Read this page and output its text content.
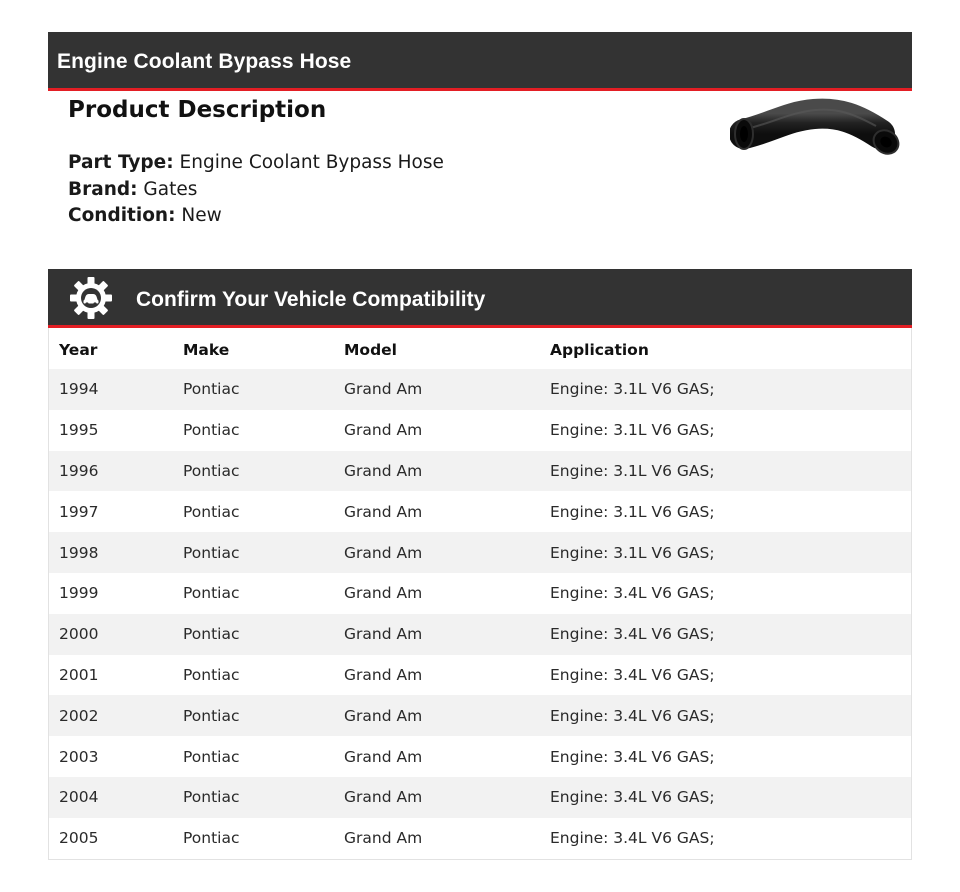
Engine Coolant Bypass Hose
Product Description
Part Type: Engine Coolant Bypass Hose
Brand: Gates
Condition: New
Confirm Your Vehicle Compatibility
Year	Make	Model	Application
1994	Pontiac	Grand Am	Engine: 3.1L V6 GAS;
1995	Pontiac	Grand Am	Engine: 3.1L V6 GAS;
1996	Pontiac	Grand Am	Engine: 3.1L V6 GAS;
1997	Pontiac	Grand Am	Engine: 3.1L V6 GAS;
1998	Pontiac	Grand Am	Engine: 3.1L V6 GAS;
1999	Pontiac	Grand Am	Engine: 3.4L V6 GAS;
2000	Pontiac	Grand Am	Engine: 3.4L V6 GAS;
2001	Pontiac	Grand Am	Engine: 3.4L V6 GAS;
2002	Pontiac	Grand Am	Engine: 3.4L V6 GAS;
2003	Pontiac	Grand Am	Engine: 3.4L V6 GAS;
2004	Pontiac	Grand Am	Engine: 3.4L V6 GAS;
2005	Pontiac	Grand Am	Engine: 3.4L V6 GAS;
